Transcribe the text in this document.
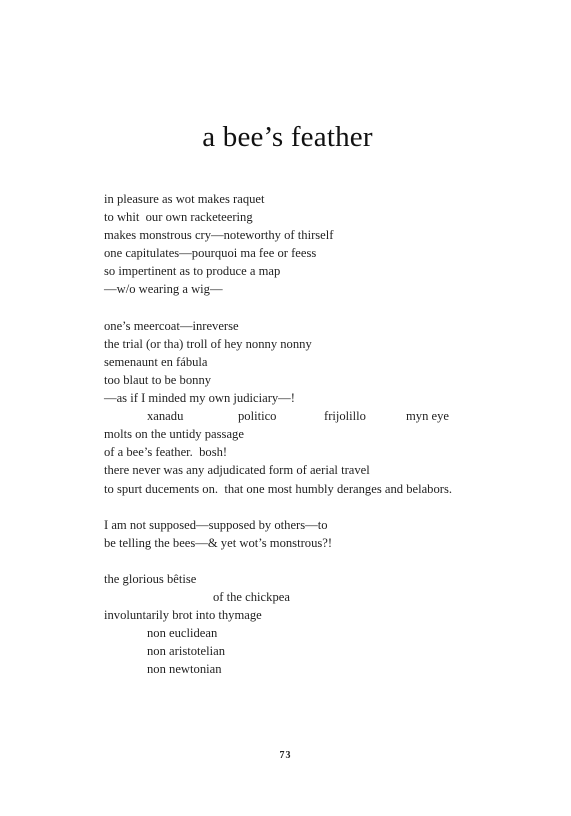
a bee’s feather
in pleasure as wot makes raquet
to whit  our own racketeering
makes monstrous cry—noteworthy of thirself
one capitulates—pourquoi ma fee or feess
so impertinent as to produce a map
—w/o wearing a wig—
one’s meercoat—inreverse
the trial (or tha) troll of hey nonny nonny
semenaunt en fábula
too blaut to be bonny
—as if I minded my own judiciary—!
xanadu	politico	frijolillo	myn eye
molts on the untidy passage
of a bee’s feather.  bosh!
there never was any adjudicated form of aerial travel
to spurt ducements on.  that one most humbly deranges and belabors.
I am not supposed—supposed by others—to
be telling the bees—& yet wot’s monstrous?!
the glorious bêtise
of the chickpea
involuntarily brot into thymage
non euclidean
non aristotelian
non newtonian
73
